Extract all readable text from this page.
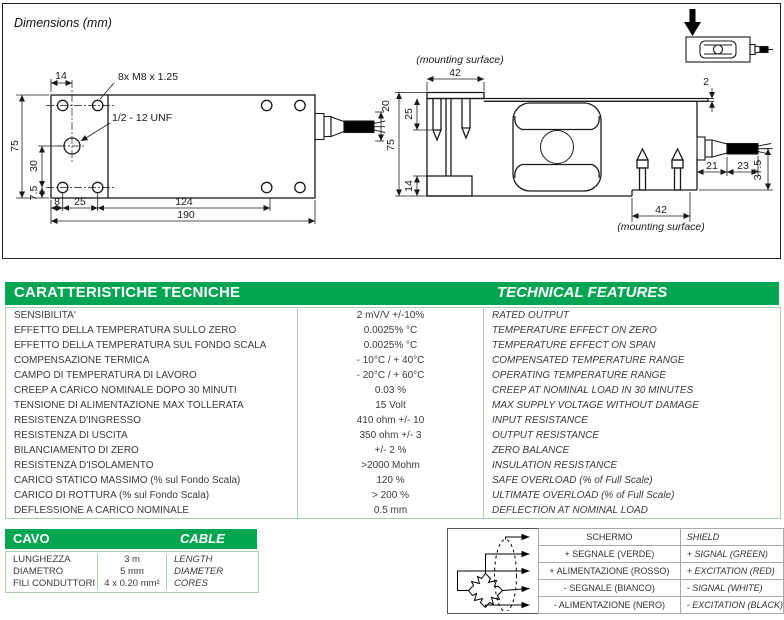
Dimensions (mm)
14	8x M8 x 1.25
1/2 - 12 UNF
75
30
7.5
8 25	124
190
20
(mounting surface)
42
25
75
14
2
21 23 37.5
42
(mounting surface)
CARATTERISTICHE TECNICHE	TECHNICAL FEATURES
SENSIBILITA'	2 mV/V +/-10%	RATED OUTPUT
EFFETTO DELLA TEMPERATURA SULLO ZERO	0.0025% °C	TEMPERATURE EFFECT ON ZERO
EFFETTO DELLA TEMPERATURA SUL FONDO SCALA	0.0025% °C	TEMPERATURE EFFECT ON SPAN
COMPENSAZIONE TERMICA	- 10°C / + 40°C	COMPENSATED TEMPERATURE RANGE
CAMPO DI TEMPERATURA DI LAVORO	- 20°C / + 60°C	OPERATING TEMPERATURE RANGE
CREEP A CARICO NOMINALE DOPO 30 MINUTI	0.03 %	CREEP AT NOMINAL LOAD IN 30 MINUTES
TENSIONE DI ALIMENTAZIONE MAX TOLLERATA	15 Volt	MAX SUPPLY VOLTAGE WITHOUT DAMAGE
RESISTENZA D'INGRESSO	410 ohm +/- 10	INPUT RESISTANCE
RESISTENZA DI USCITA	350 ohm +/- 3	OUTPUT RESISTANCE
BILANCIAMENTO DI ZERO	+/- 2 %	ZERO BALANCE
RESISTENZA D'ISOLAMENTO	>2000 Mohm	INSULATION RESISTANCE
CARICO STATICO MASSIMO (% sul Fondo Scala)	120 %	SAFE OVERLOAD (% of Full Scale)
CARICO DI ROTTURA (% sul Fondo Scala)	> 200 %	ULTIMATE OVERLOAD (% of Full Scale)
DEFLESSIONE A CARICO NOMINALE	0.5 mm	DEFLECTION AT NOMINAL LOAD
CAVO	CABLE
LUNGHEZZA	3 m	LENGTH
DIAMETRO	5 mm	DIAMETER
FILI CONDUTTORI 4 x 0.20 mm²	CORES
	SCHERMO	SHIELD
	+ SEGNALE (VERDE)	+ SIGNAL (GREEN)
	+ ALIMENTAZIONE (ROSSO)	+ EXCITATION (RED)
	- SEGNALE (BIANCO)	- SIGNAL (WHITE)
	- ALIMENTAZIONE (NERO)	- EXCITATION (BLACK)
